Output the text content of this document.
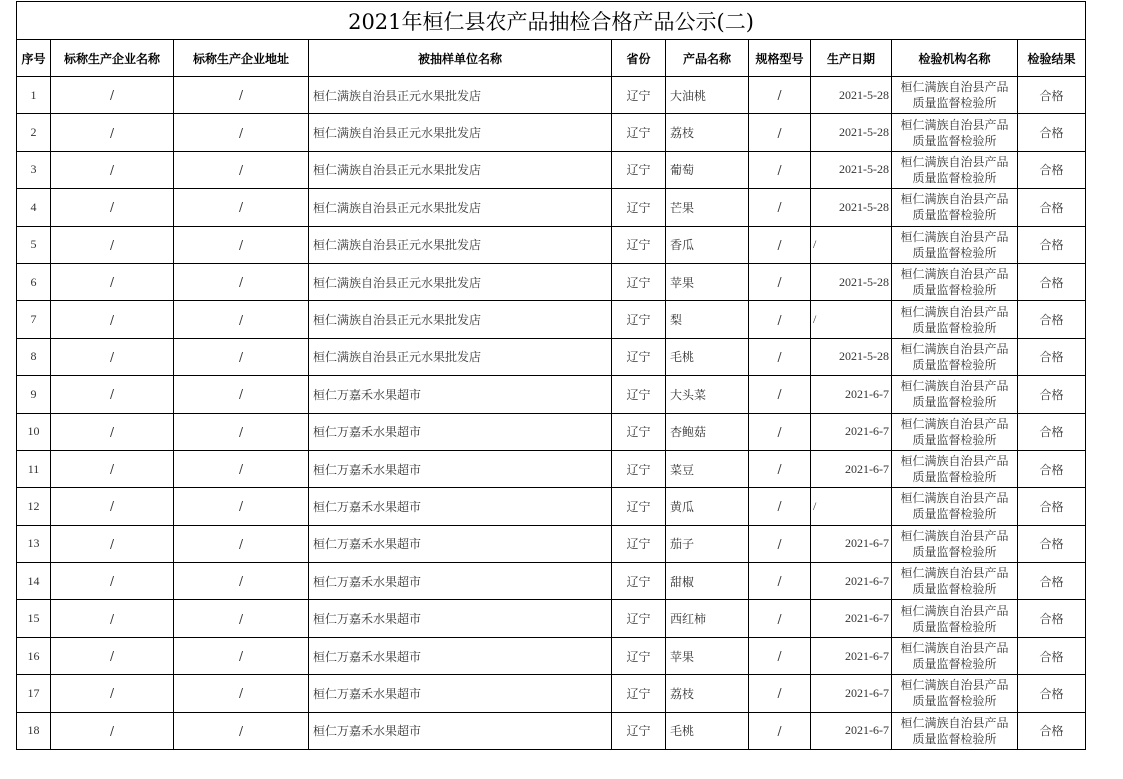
2021年桓仁县农产品抽检合格产品公示(二)									
序号	标称生产企业名称	标称生产企业地址	被抽样单位名称	省份	产品名称	规格型号	生产日期	检验机构名称	检验结果
1	/	/	桓仁满族自治县正元水果批发店	辽宁	大油桃	/	2021-5-28	桓仁满族自治县产品
质量监督检验所	合格
2	/	/	桓仁满族自治县正元水果批发店	辽宁	荔枝	/	2021-5-28	桓仁满族自治县产品
质量监督检验所	合格
3	/	/	桓仁满族自治县正元水果批发店	辽宁	葡萄	/	2021-5-28	桓仁满族自治县产品
质量监督检验所	合格
4	/	/	桓仁满族自治县正元水果批发店	辽宁	芒果	/	2021-5-28	桓仁满族自治县产品
质量监督检验所	合格
5	/	/	桓仁满族自治县正元水果批发店	辽宁	香瓜	/	/	桓仁满族自治县产品
质量监督检验所	合格
6	/	/	桓仁满族自治县正元水果批发店	辽宁	苹果	/	2021-5-28	桓仁满族自治县产品
质量监督检验所	合格
7	/	/	桓仁满族自治县正元水果批发店	辽宁	梨	/	/	桓仁满族自治县产品
质量监督检验所	合格
8	/	/	桓仁满族自治县正元水果批发店	辽宁	毛桃	/	2021-5-28	桓仁满族自治县产品
质量监督检验所	合格
9	/	/	桓仁万嘉禾水果超市	辽宁	大头菜	/	2021-6-7	桓仁满族自治县产品
质量监督检验所	合格
10	/	/	桓仁万嘉禾水果超市	辽宁	杏鲍菇	/	2021-6-7	桓仁满族自治县产品
质量监督检验所	合格
11	/	/	桓仁万嘉禾水果超市	辽宁	菜豆	/	2021-6-7	桓仁满族自治县产品
质量监督检验所	合格
12	/	/	桓仁万嘉禾水果超市	辽宁	黄瓜	/	/	桓仁满族自治县产品
质量监督检验所	合格
13	/	/	桓仁万嘉禾水果超市	辽宁	茄子	/	2021-6-7	桓仁满族自治县产品
质量监督检验所	合格
14	/	/	桓仁万嘉禾水果超市	辽宁	甜椒	/	2021-6-7	桓仁满族自治县产品
质量监督检验所	合格
15	/	/	桓仁万嘉禾水果超市	辽宁	西红柿	/	2021-6-7	桓仁满族自治县产品
质量监督检验所	合格
16	/	/	桓仁万嘉禾水果超市	辽宁	苹果	/	2021-6-7	桓仁满族自治县产品
质量监督检验所	合格
17	/	/	桓仁万嘉禾水果超市	辽宁	荔枝	/	2021-6-7	桓仁满族自治县产品
质量监督检验所	合格
18	/	/	桓仁万嘉禾水果超市	辽宁	毛桃	/	2021-6-7	桓仁满族自治县产品
质量监督检验所	合格
